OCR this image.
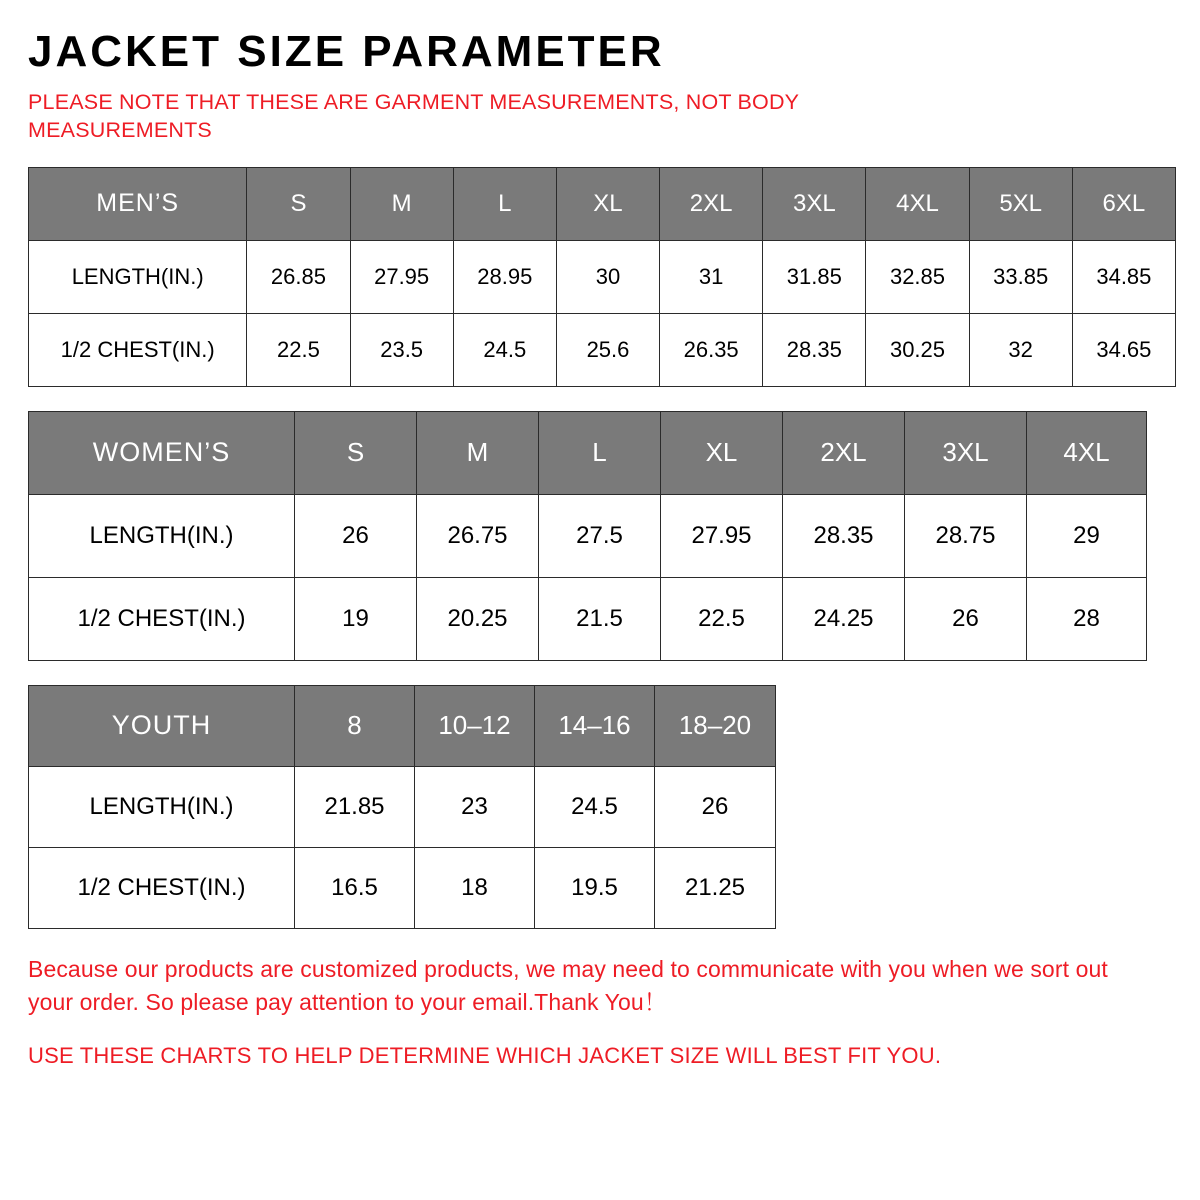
JACKET SIZE PARAMETER
PLEASE NOTE THAT THESE ARE GARMENT MEASUREMENTS, NOT BODY MEASUREMENTS
MEN’S	S	M	L	XL	2XL	3XL	4XL	5XL	6XL
LENGTH(IN.)	26.85	27.95	28.95	30	31	31.85	32.85	33.85	34.85
1/2 CHEST(IN.)	22.5	23.5	24.5	25.6	26.35	28.35	30.25	32	34.65
WOMEN’S	S	M	L	XL	2XL	3XL	4XL
LENGTH(IN.)	26	26.75	27.5	27.95	28.35	28.75	29
1/2 CHEST(IN.)	19	20.25	21.5	22.5	24.25	26	28
YOUTH	8	10–12	14–16	18–20
LENGTH(IN.)	21.85	23	24.5	26
1/2 CHEST(IN.)	16.5	18	19.5	21.25
Because our products are customized products, we may need to communicate with you when we sort out your order. So please pay attention to your email.Thank You！
USE THESE CHARTS TO HELP DETERMINE WHICH JACKET SIZE WILL BEST FIT YOU.
